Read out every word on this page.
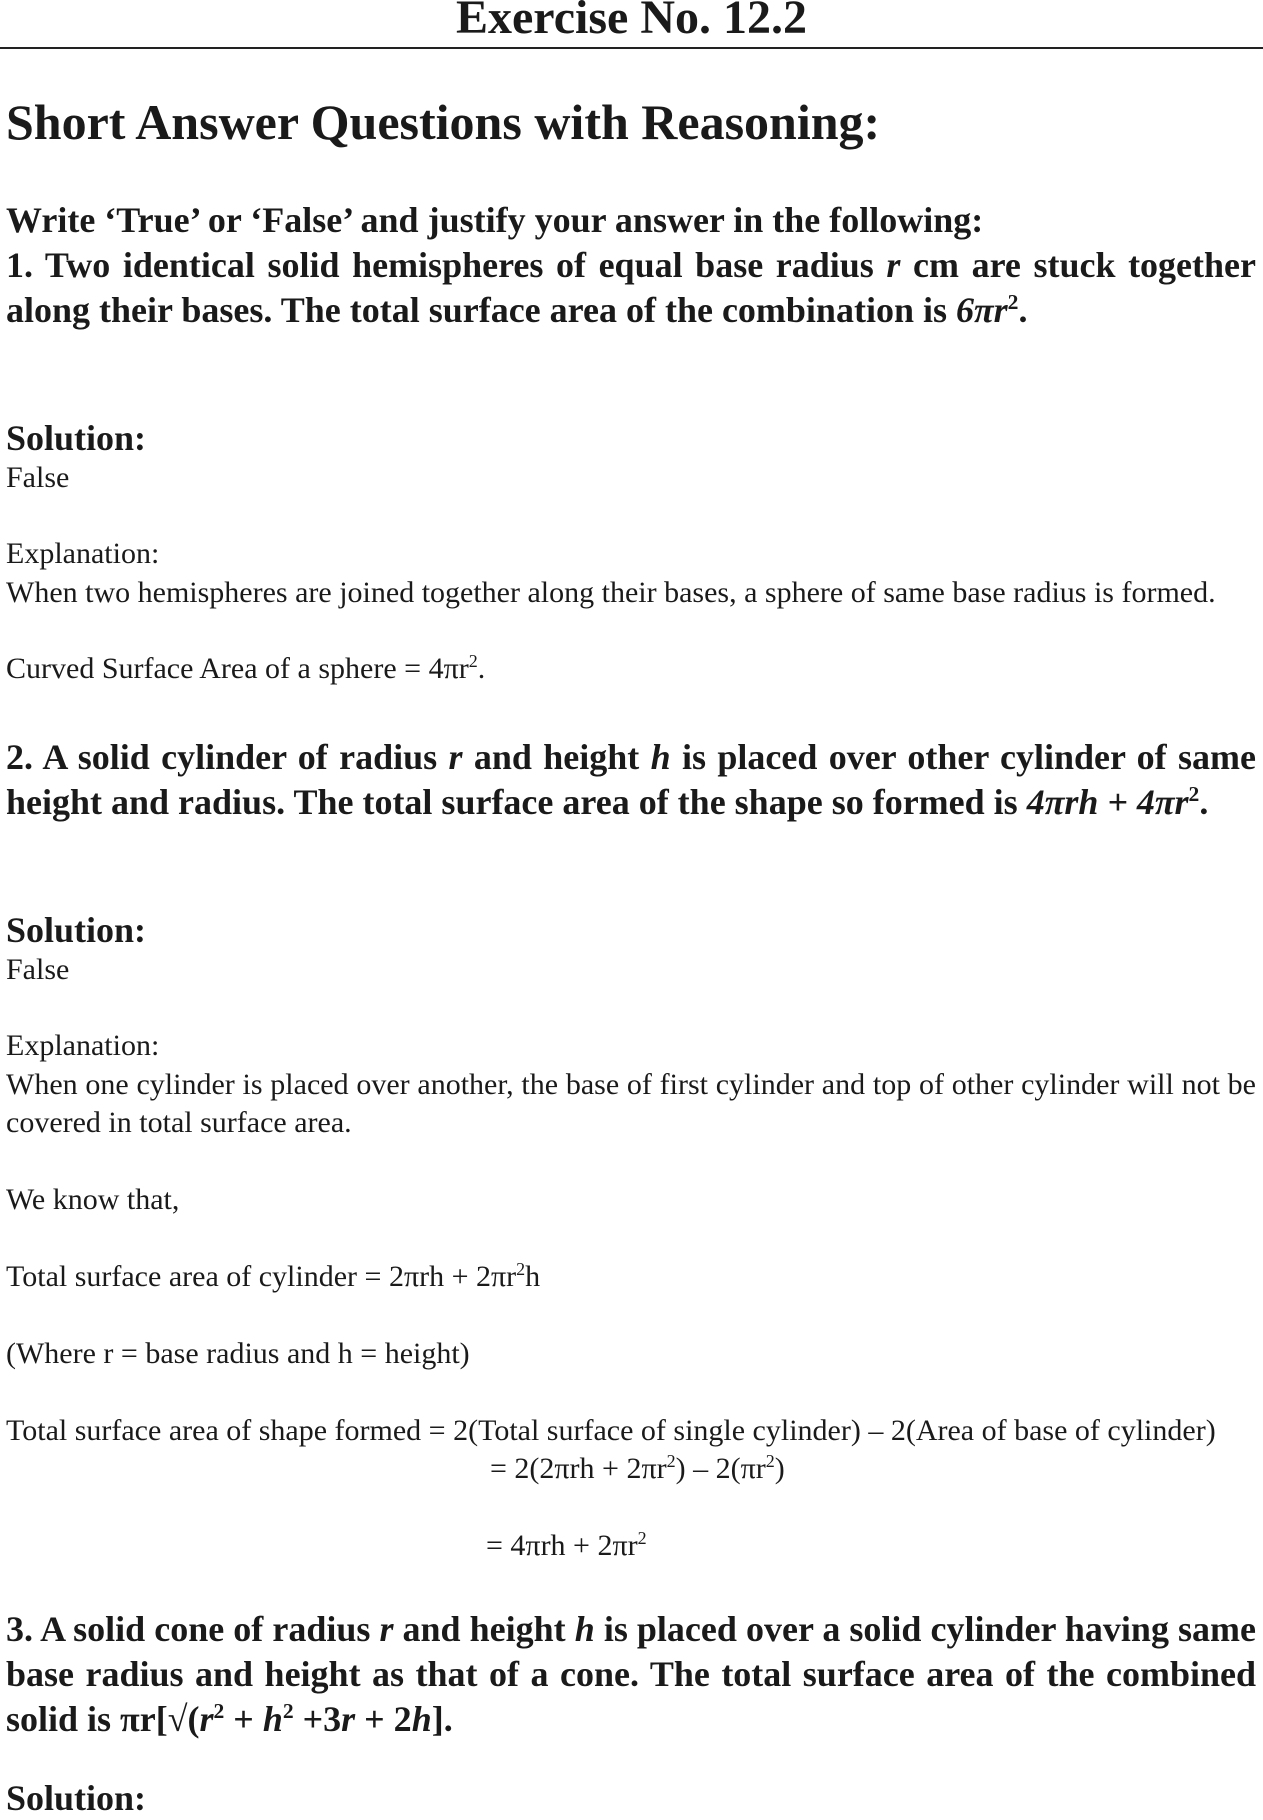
Exercise No. 12.2
Short Answer Questions with Reasoning:
Write ‘True’ or ‘False’ and justify your answer in the following:
1. Two identical solid hemispheres of equal base radius r cm are stuck together along their bases. The total surface area of the combination is $6\pi r^2$.
Solution:
False
Explanation:
When two hemispheres are joined together along their bases, a sphere of same base radius is formed.
Curved Surface Area of a sphere = $4\pi r^2$.
2. A solid cylinder of radius r and height h is placed over other cylinder of same height and radius. The total surface area of the shape so formed is $4\pi rh + 4\pi r^2$.
Solution:
False
Explanation:
When one cylinder is placed over another, the base of first cylinder and top of other cylinder will not be covered in total surface area.
We know that,
Total surface area of cylinder = $2\pi rh + 2\pi r^2h$
(Where r = base radius and h = height)
Total surface area of shape formed = 2(Total surface of single cylinder) – 2(Area of base of cylinder)
= $2(2\pi rh + 2\pi r^2) - 2(\pi r^2)$
= $4\pi rh + 2\pi r^2$
3. A solid cone of radius r and height h is placed over a solid cylinder having same base radius and height as that of a cone. The total surface area of the combined solid is $\pi r[√(r^2 + h^2 +3r + 2h]$.
Solution:
